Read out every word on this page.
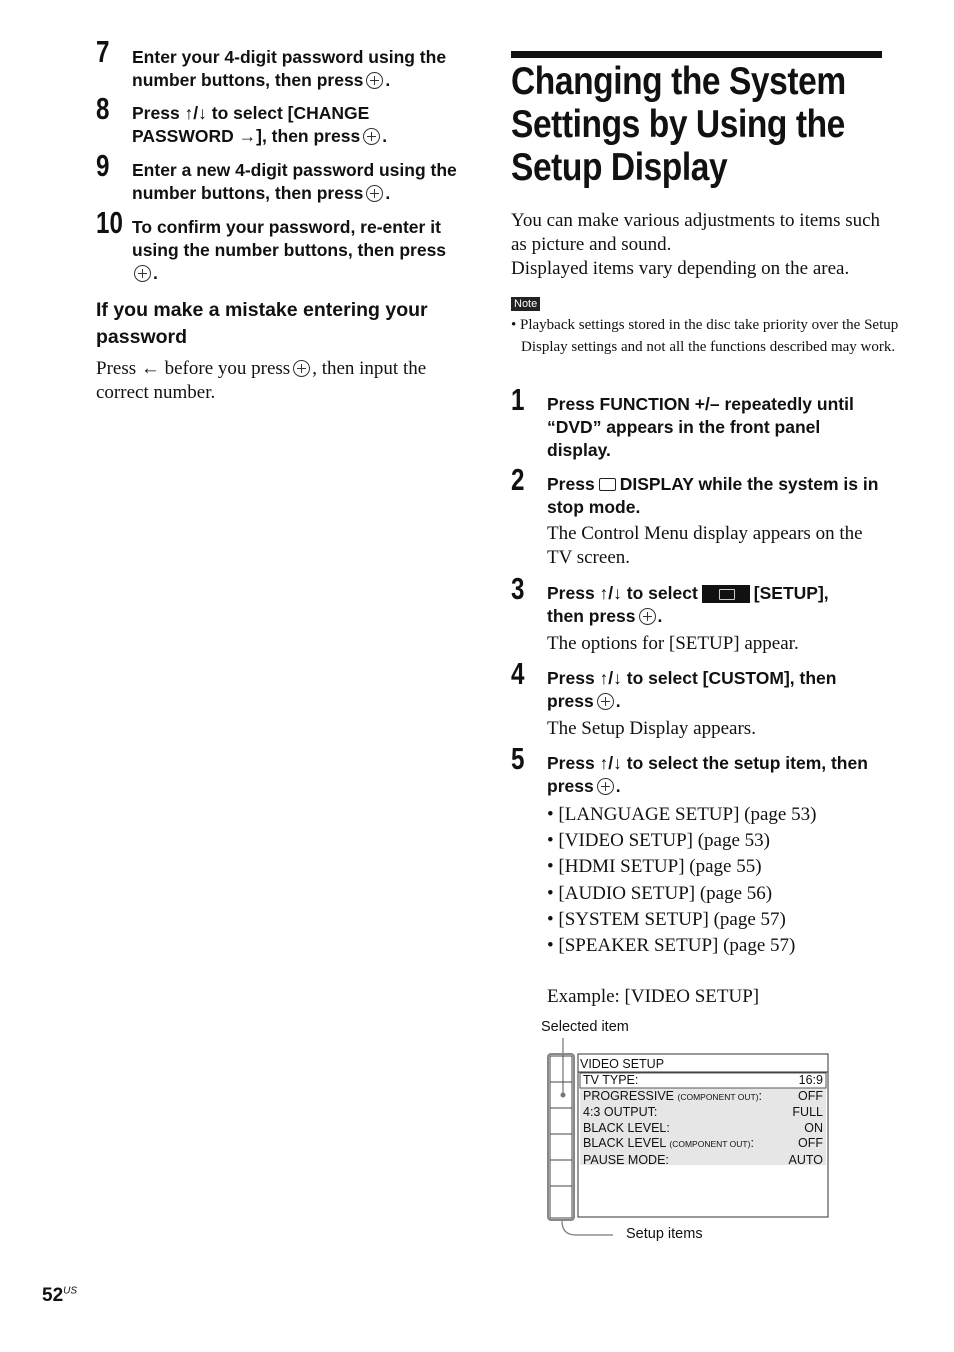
7 Enter your 4-digit password using the number buttons, then press .
8 Press ↑/↓ to select [CHANGE
PASSWORD →], then press .
9 Enter a new 4-digit password using the number buttons, then press .
10 To confirm your password, re-enter it using the number buttons, then press
.
If you make a mistake entering your password
Press ← before you press , then input the correct number.
Changing the System
Settings by Using the
Setup Display
You can make various adjustments to items such as picture and sound.
Displayed items vary depending on the area.
Note
• Playback settings stored in the disc take priority over the Setup Display settings and not all the functions described may work.
1 Press FUNCTION +/– repeatedly until “DVD” appears in the front panel display.
2 Press DISPLAY while the system is in stop mode.
The Control Menu display appears on the TV screen.
3 Press ↑/↓ to select	[SETUP],
then press .
The options for [SETUP] appear.
4 Press ↑/↓ to select [CUSTOM], then
press .
The Setup Display appears.
5 Press ↑/↓ to select the setup item, then
press .
• [LANGUAGE SETUP] (page 53)
• [VIDEO SETUP] (page 53)
• [HDMI SETUP] (page 55)
• [AUDIO SETUP] (page 56)
• [SYSTEM SETUP] (page 57)
• [SPEAKER SETUP] (page 57)
Example: [VIDEO SETUP]
Selected item
Setup items
VIDEO SETUP
TV TYPE:	16:9
PROGRESSIVE (COMPONENT OUT):	OFF
4:3 OUTPUT:	FULL
BLACK LEVEL:	ON
BLACK LEVEL (COMPONENT OUT):	OFF
PAUSE MODE:	AUTO
$52^{US}$
